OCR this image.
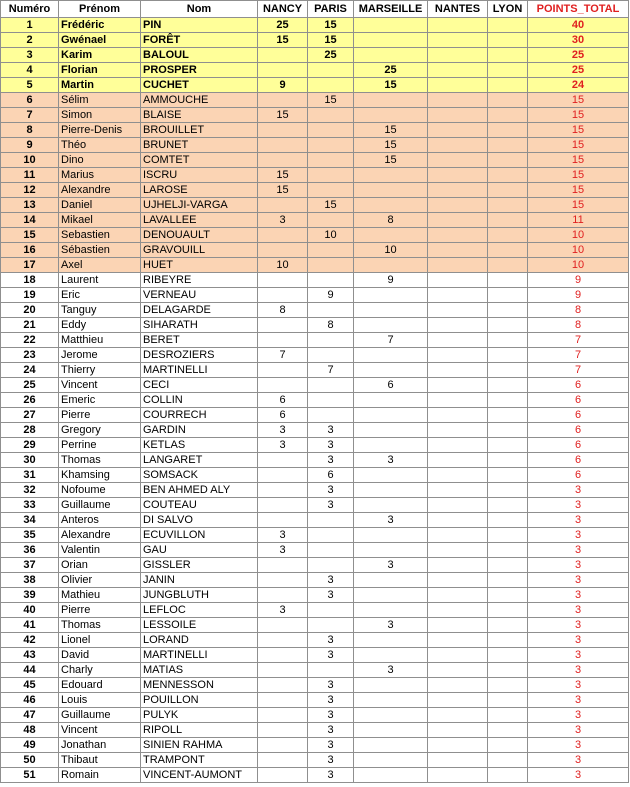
Numéro	Prénom	Nom	NANCY	PARIS	MARSEILLE	NANTES	LYON	POINTS_TOTAL
1	Frédéric	PIN	25	15				40
2	Gwénael	FORÊT	15	15				30
3	Karim	BALOUL		25				25
4	Florian	PROSPER			25			25
5	Martin	CUCHET	9		15			24
6	Sélim	AMMOUCHE		15				15
7	Simon	BLAISE	15					15
8	Pierre-Denis	BROUILLET			15			15
9	Théo	BRUNET			15			15
10	Dino	COMTET			15			15
11	Marius	ISCRU	15					15
12	Alexandre	LAROSE	15					15
13	Daniel	UJHELJI-VARGA		15				15
14	Mikael	LAVALLEE	3		8			11
15	Sebastien	DENOUAULT		10				10
16	Sébastien	GRAVOUILL			10			10
17	Axel	HUET	10					10
18	Laurent	RIBEYRE			9			9
19	Eric	VERNEAU		9				9
20	Tanguy	DELAGARDE	8					8
21	Eddy	SIHARATH		8				8
22	Matthieu	BERET			7			7
23	Jerome	DESROZIERS	7					7
24	Thierry	MARTINELLI		7				7
25	Vincent	CECI			6			6
26	Emeric	COLLIN	6					6
27	Pierre	COURRECH	6					6
28	Gregory	GARDIN	3	3				6
29	Perrine	KETLAS	3	3				6
30	Thomas	LANGARET		3	3			6
31	Khamsing	SOMSACK		6				6
32	Nofoume	BEN AHMED ALY		3				3
33	Guillaume	COUTEAU		3				3
34	Anteros	DI SALVO			3			3
35	Alexandre	ECUVILLON	3					3
36	Valentin	GAU	3					3
37	Orian	GISSLER			3			3
38	Olivier	JANIN		3				3
39	Mathieu	JUNGBLUTH		3				3
40	Pierre	LEFLOC	3					3
41	Thomas	LESSOILE			3			3
42	Lionel	LORAND		3				3
43	David	MARTINELLI		3				3
44	Charly	MATIAS			3			3
45	Edouard	MENNESSON		3				3
46	Louis	POUILLON		3				3
47	Guillaume	PULYK		3				3
48	Vincent	RIPOLL		3				3
49	Jonathan	SINIEN RAHMA		3				3
50	Thibaut	TRAMPONT		3				3
51	Romain	VINCENT-AUMONT		3				3
